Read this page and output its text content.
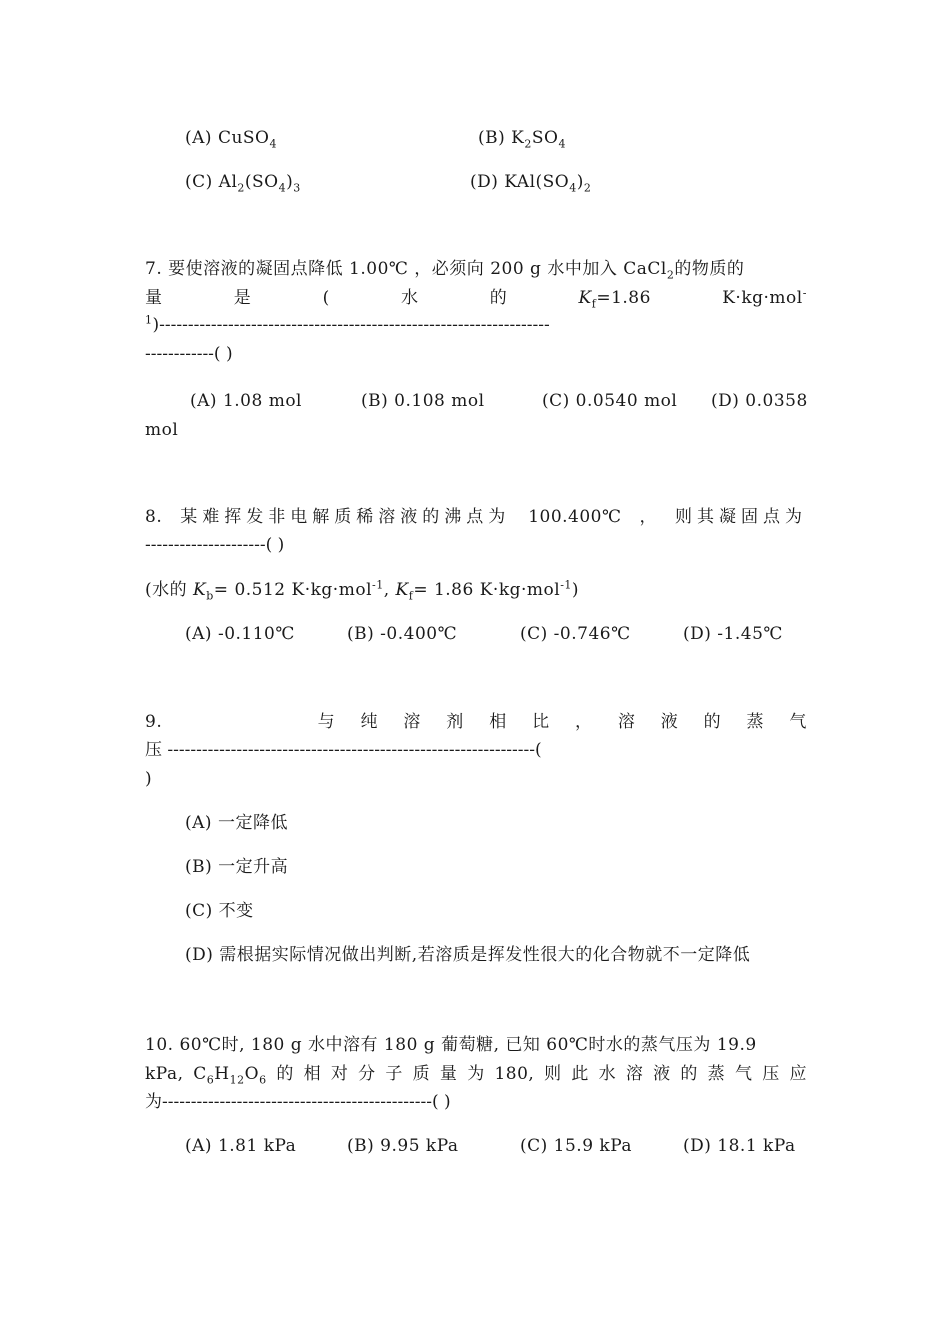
(A) CuSO$_4$	(B) $K_2SO_4$
(C) $Al_2(SO_4)_3$	(D) $KAl(SO_4)_2$
7. 要使溶液的凝固点降低 1.00℃ ，必须向 200 g 水中加入 CaCl$_2$的物质的
量	是	(	水	的	$K_f=1.86$	K·kg·mol-
$^1$)--------------------------------------------------------------------
------------( )
(A) 1.08 mol	(B) 0.108 mol	(C) 0.0540 mol (D) 0.0358
mol
8. 某难挥发非电解质稀溶液的沸点为 100.400℃ ， 则其凝固点为
---------------------( )
(水的 $K_b= 0.512$ K·kg·mol$^{-1}$, $K_f= 1.86$ K·kg·mol$^{-1}$)
(A) -0.110℃	(B) -0.400℃	(C) -0.746℃	(D) -1.45℃
9.	与 纯 溶 剂 相 比 ， 溶 液 的 蒸 气
压 ----------------------------------------------------------------(
)
(A) 一定降低
(B) 一定升高
(C) 不变
(D) 需根据实际情况做出判断,若溶质是挥发性很大的化合物就不一定降低
10. 60℃时, 180 g 水中溶有 180 g 葡萄糖, 已知 60℃时水的蒸气压为 19.9
kPa, $C_6H_{12}O_6$ 的 相 对 分 子 质 量 为 180, 则 此 水 溶 液 的 蒸 气 压 应
为-----------------------------------------------( )
(A) 1.81 kPa	(B) 9.95 kPa	(C) 15.9 kPa	(D) 18.1 kPa
